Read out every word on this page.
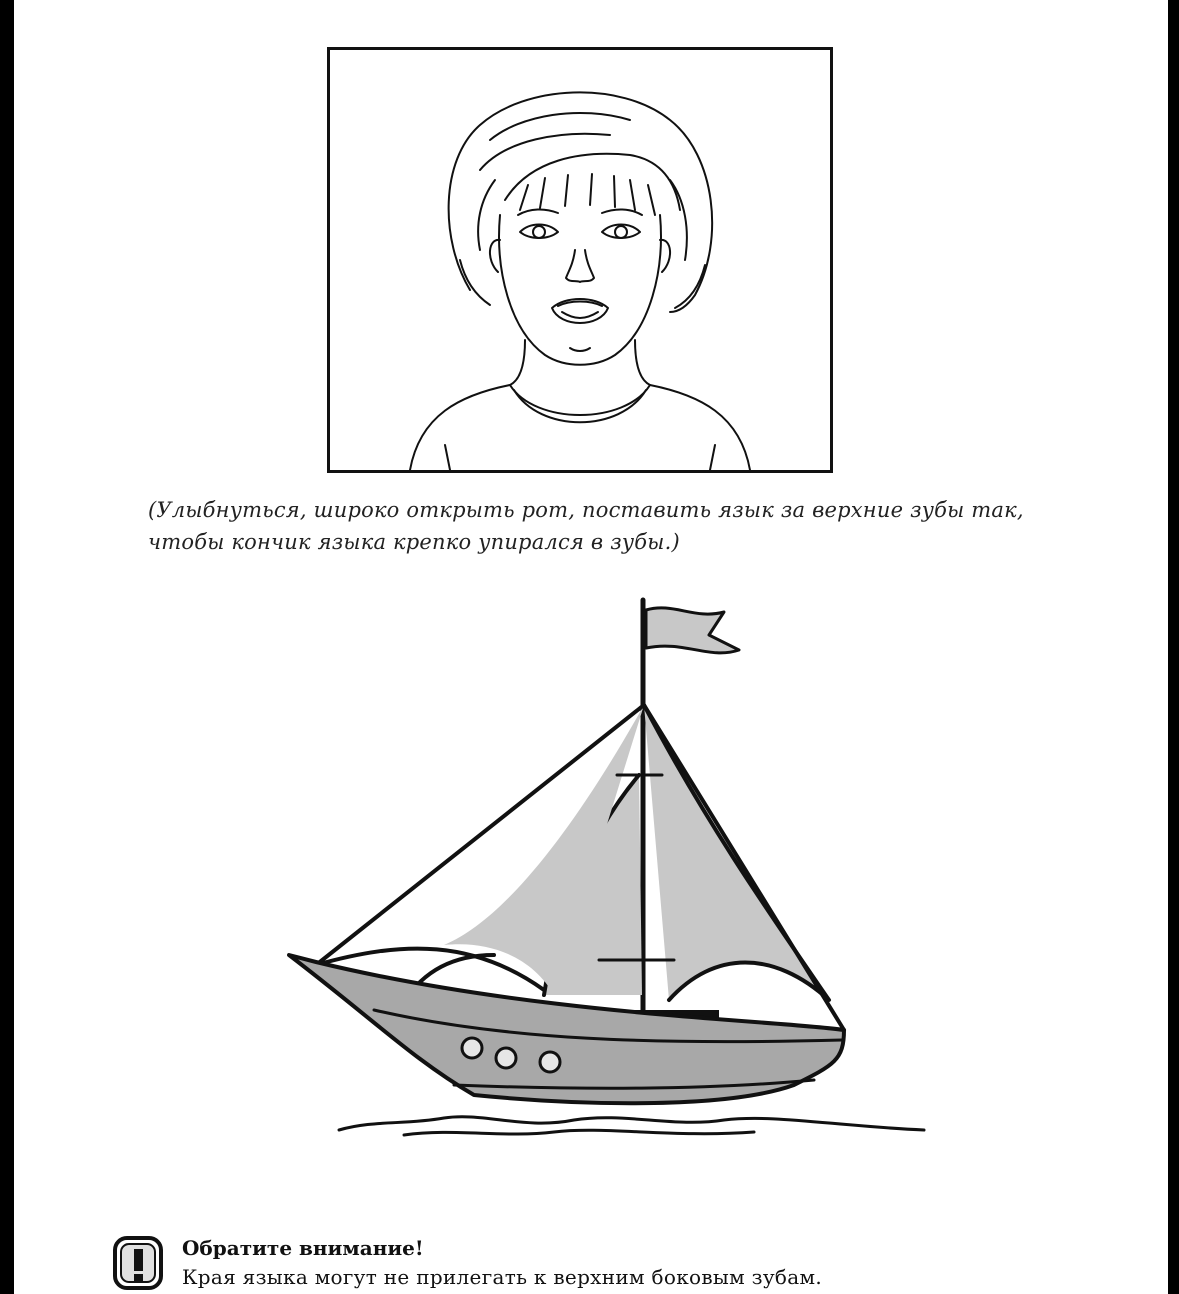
(Улыбнуться, широко открыть рот, поставить язык за верхние зубы так,
чтобы кончик языка крепко упирался в зубы.)

Обратите внимание!
Края языка могут не прилегать к верхним боковым зубам.
